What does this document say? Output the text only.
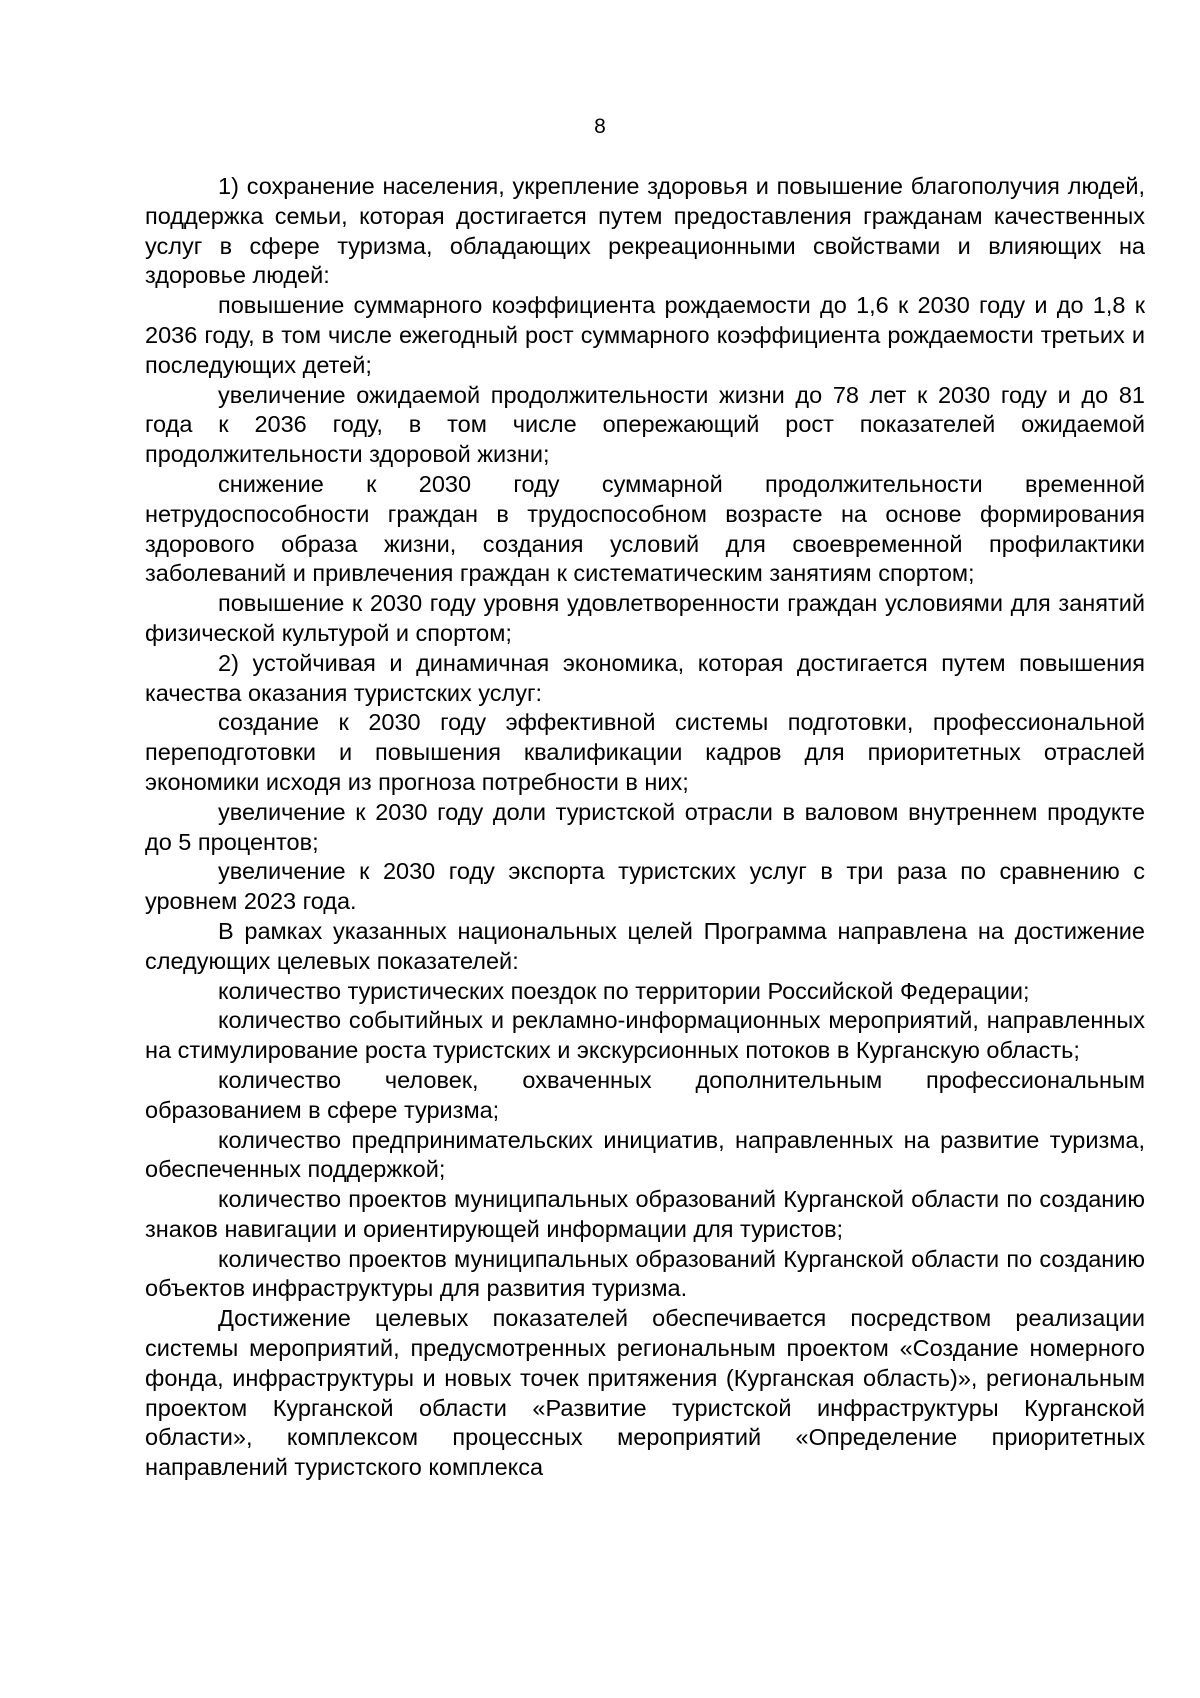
8

1) сохранение населения, укрепление здоровья и повышение благополучия людей, поддержка семьи, которая достигается путем предоставления гражданам качественных услуг в сфере туризма, обладающих рекреационными свойствами и влияющих на здоровье людей:

повышение суммарного коэффициента рождаемости до 1,6 к 2030 году и до 1,8 к 2036 году, в том числе ежегодный рост суммарного коэффициента рождаемости третьих и последующих детей;

увеличение ожидаемой продолжительности жизни до 78 лет к 2030 году и до 81 года к 2036 году, в том числе опережающий рост показателей ожидаемой продолжительности здоровой жизни;

снижение к 2030 году суммарной продолжительности временной нетрудоспособности граждан в трудоспособном возрасте на основе формирования здорового образа жизни, создания условий для своевременной профилактики заболеваний и привлечения граждан к систематическим занятиям спортом;

повышение к 2030 году уровня удовлетворенности граждан условиями для занятий физической культурой и спортом;

2) устойчивая и динамичная экономика, которая достигается путем повышения качества оказания туристских услуг:

создание к 2030 году эффективной системы подготовки, профессиональной переподготовки и повышения квалификации кадров для приоритетных отраслей экономики исходя из прогноза потребности в них;

увеличение к 2030 году доли туристской отрасли в валовом внутреннем продукте до 5 процентов;

увеличение к 2030 году экспорта туристских услуг в три раза по сравнению с уровнем 2023 года.

В рамках указанных национальных целей Программа направлена на достижение следующих целевых показателей:

количество туристических поездок по территории Российской Федерации;

количество событийных и рекламно-информационных мероприятий, направленных на стимулирование роста туристских и экскурсионных потоков в Курганскую область;

количество человек, охваченных дополнительным профессиональным образованием в сфере туризма;

количество предпринимательских инициатив, направленных на развитие туризма, обеспеченных поддержкой;

количество проектов муниципальных образований Курганской области по созданию знаков навигации и ориентирующей информации для туристов;

количество проектов муниципальных образований Курганской области по созданию объектов инфраструктуры для развития туризма.

Достижение целевых показателей обеспечивается посредством реализации системы мероприятий, предусмотренных региональным проектом «Создание номерного фонда, инфраструктуры и новых точек притяжения (Курганская область)», региональным проектом Курганской области «Развитие туристской инфраструктуры Курганской области», комплексом процессных мероприятий «Определение приоритетных направлений туристского комплекса
